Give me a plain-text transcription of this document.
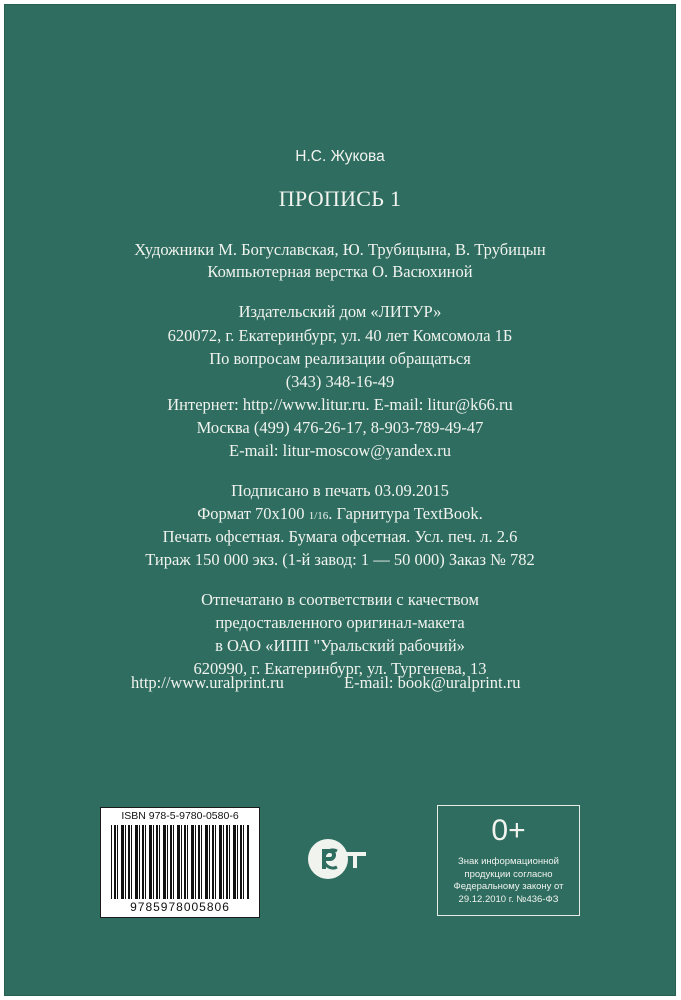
Н.С. Жукова
ПРОПИСЬ 1
Художники М. Богуславская, Ю. Трубицына, В. Трубицын
Компьютерная верстка О. Васюхиной
Издательский дом «ЛИТУР»
620072, г. Екатеринбург, ул. 40 лет Комсомола 1Б
По вопросам реализации обращаться
(343) 348-16-49
Интернет: http://www.litur.ru. E-mail: litur@k66.ru
Москва (499) 476-26-17, 8-903-789-49-47
E-mail: litur-moscow@yandex.ru
Подписано в печать 03.09.2015
Формат 70x100 1/16. Гарнитура TextBook.
Печать офсетная. Бумага офсетная. Усл. печ. л. 2.6
Тираж 150 000 экз. (1-й завод: 1 — 50 000) Заказ № 782
Отпечатано в соответствии с качеством
предоставленного оригинал-макета
в ОАО «ИПП "Уральский рабочий»
620990, г. Екатеринбург, ул. Тургенева, 13
http://www.uralprint.ru	E-mail: book@uralprint.ru
ISBN 978-5-9780-0580-6
9785978005806
0+
Знак информационной
продукции согласно
Федеральному закону от
29.12.2010 г. №436-ФЗ
